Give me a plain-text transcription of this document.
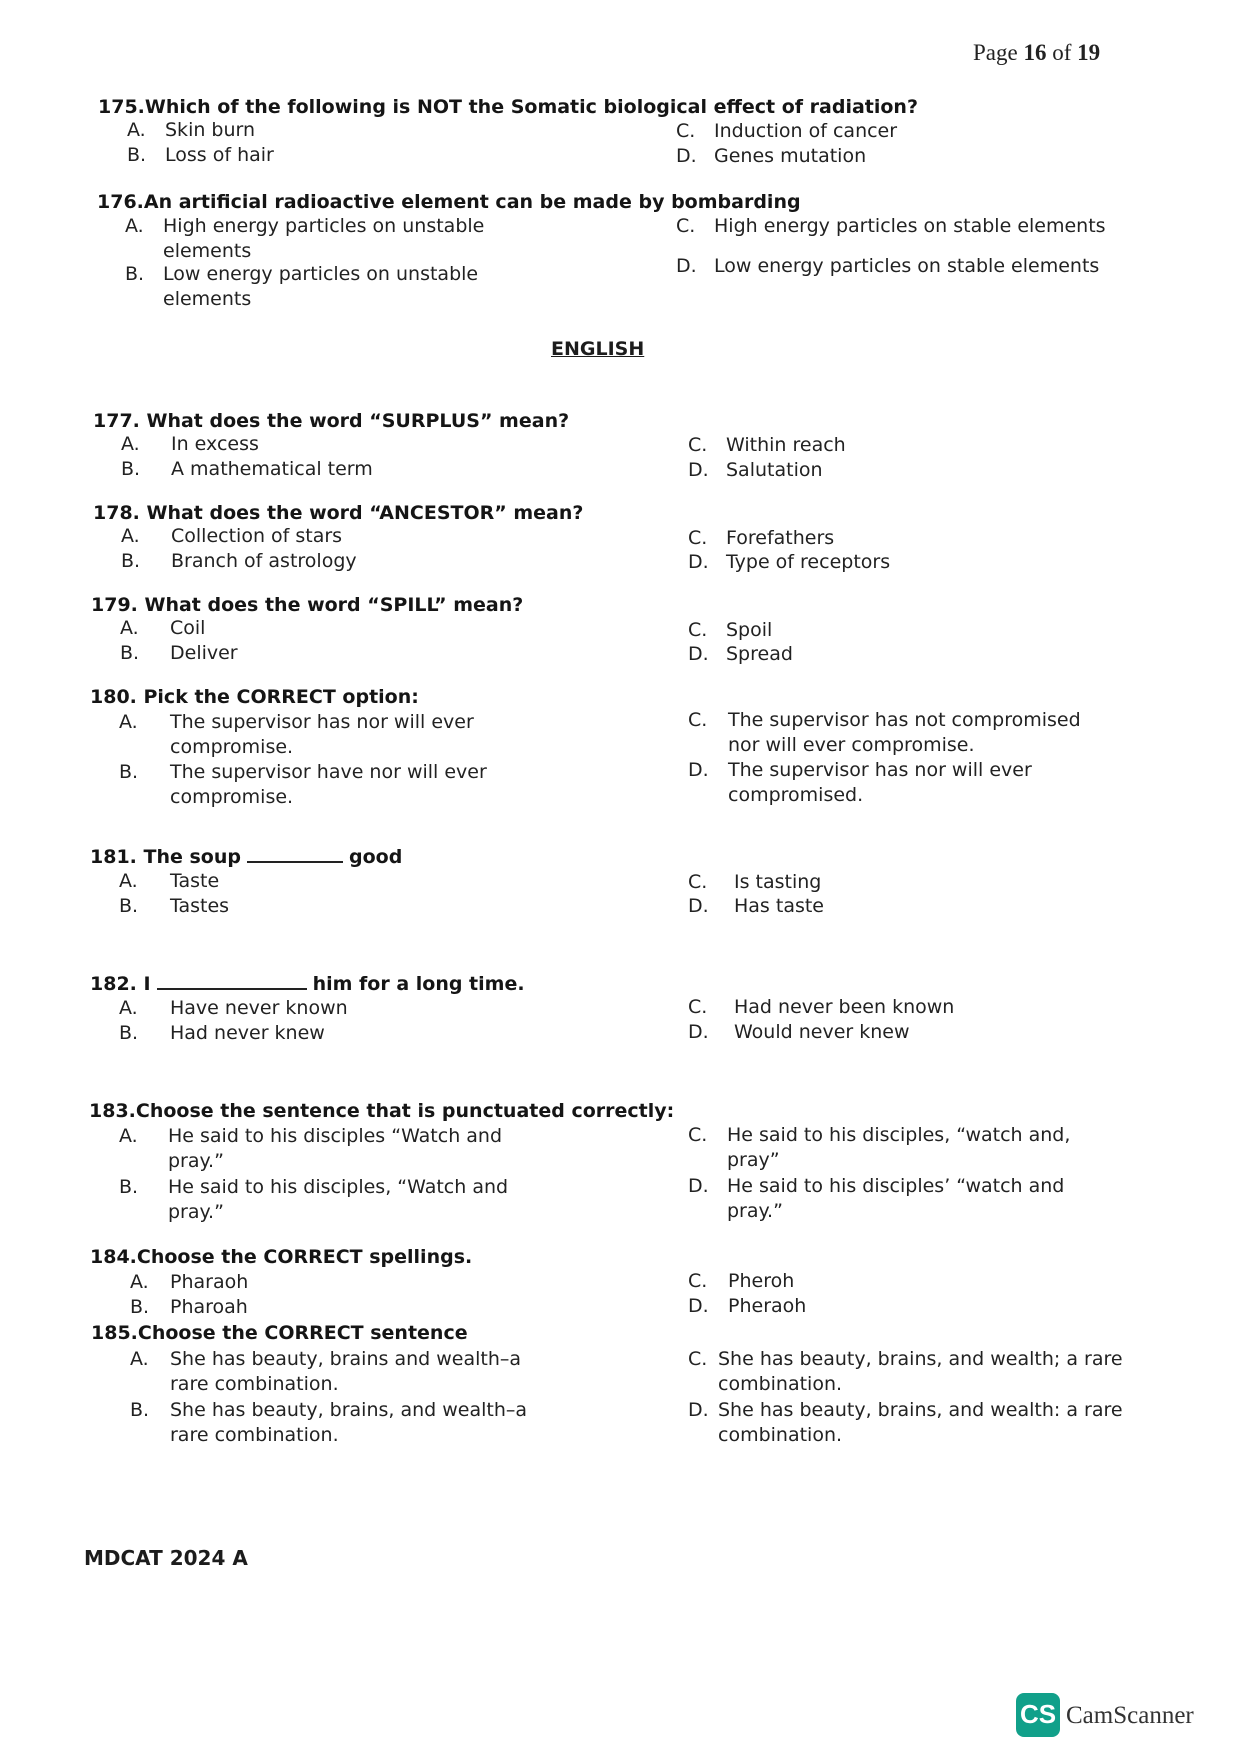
Page 16 of 19
175.Which of the following is NOT the Somatic biological effect of radiation?
A. Skin burn
B. Loss of hair
C. Induction of cancer
D. Genes mutation
176.An artificial radioactive element can be made by bombarding
A. High energy particles on unstable elements
B. Low energy particles on unstable elements
C. High energy particles on stable elements
D. Low energy particles on stable elements
ENGLISH
177. What does the word “SURPLUS” mean?
A. In excess
B. A mathematical term
C. Within reach
D. Salutation
178. What does the word “ANCESTOR” mean?
A. Collection of stars
B. Branch of astrology
C. Forefathers
D. Type of receptors
179. What does the word “SPILL” mean?
A. Coil
B. Deliver
C. Spoil
D. Spread
180. Pick the CORRECT option:
A. The supervisor has nor will ever compromise.
B. The supervisor have nor will ever compromise.
C. The supervisor has not compromised nor will ever compromise.
D. The supervisor has nor will ever compromised.
181. The soup	good
A. Taste
B. Tastes
C. Is tasting
D. Has taste
182. I	him for a long time.
A. Have never known
B. Had never knew
C. Had never been known
D. Would never knew
183.Choose the sentence that is punctuated correctly:
A. He said to his disciples “Watch and pray.”
B. He said to his disciples, “Watch and pray.”
C. He said to his disciples, “watch and, pray”
D. He said to his disciples’ “watch and pray.”
184.Choose the CORRECT spellings.
A. Pharaoh
B. Pharoah
C. Pheroh
D. Pheraoh
185.Choose the CORRECT sentence
A. She has beauty, brains and wealth–a rare combination.
B. She has beauty, brains, and wealth–a rare combination.
C. She has beauty, brains, and wealth; a rare combination.
D. She has beauty, brains, and wealth: a rare combination.
MDCAT 2024 A
CS CamScanner
